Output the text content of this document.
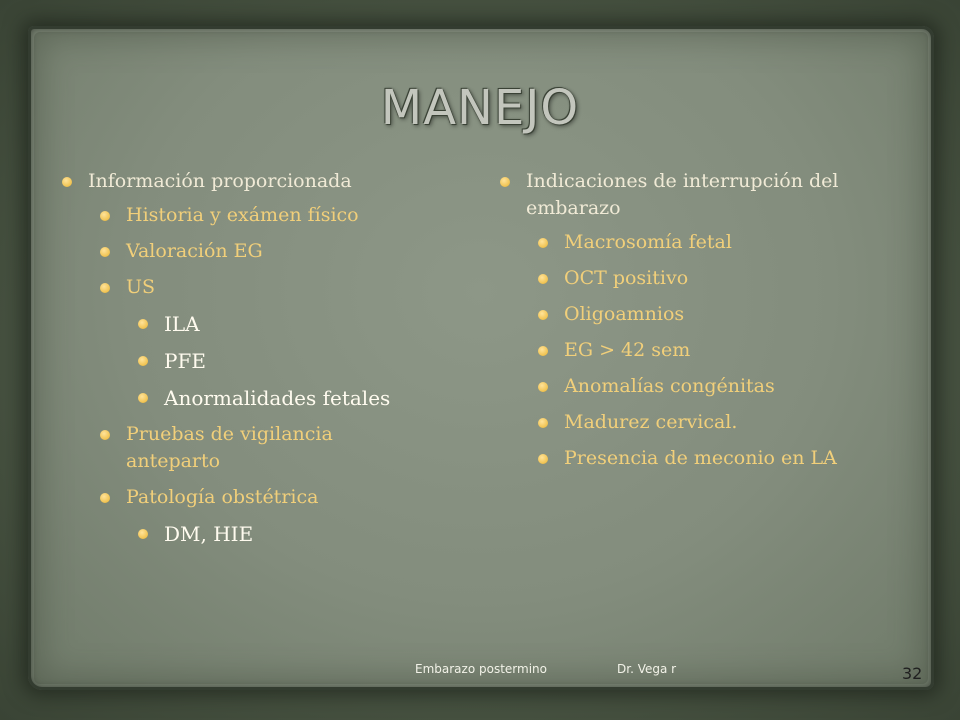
MANEJO
Información proporcionada
Historia y exámen físico
Valoración EG
US
ILA
PFE
Anormalidades fetales
Pruebas de vigilancia anteparto
Patología obstétrica
DM, HIE
Indicaciones de interrupción del embarazo
Macrosomía fetal
OCT positivo
Oligoamnios
EG > 42 sem
Anomalías congénitas
Madurez cervical.
Presencia de meconio en LA
Embarazo postermino	Dr. Vega r	32
